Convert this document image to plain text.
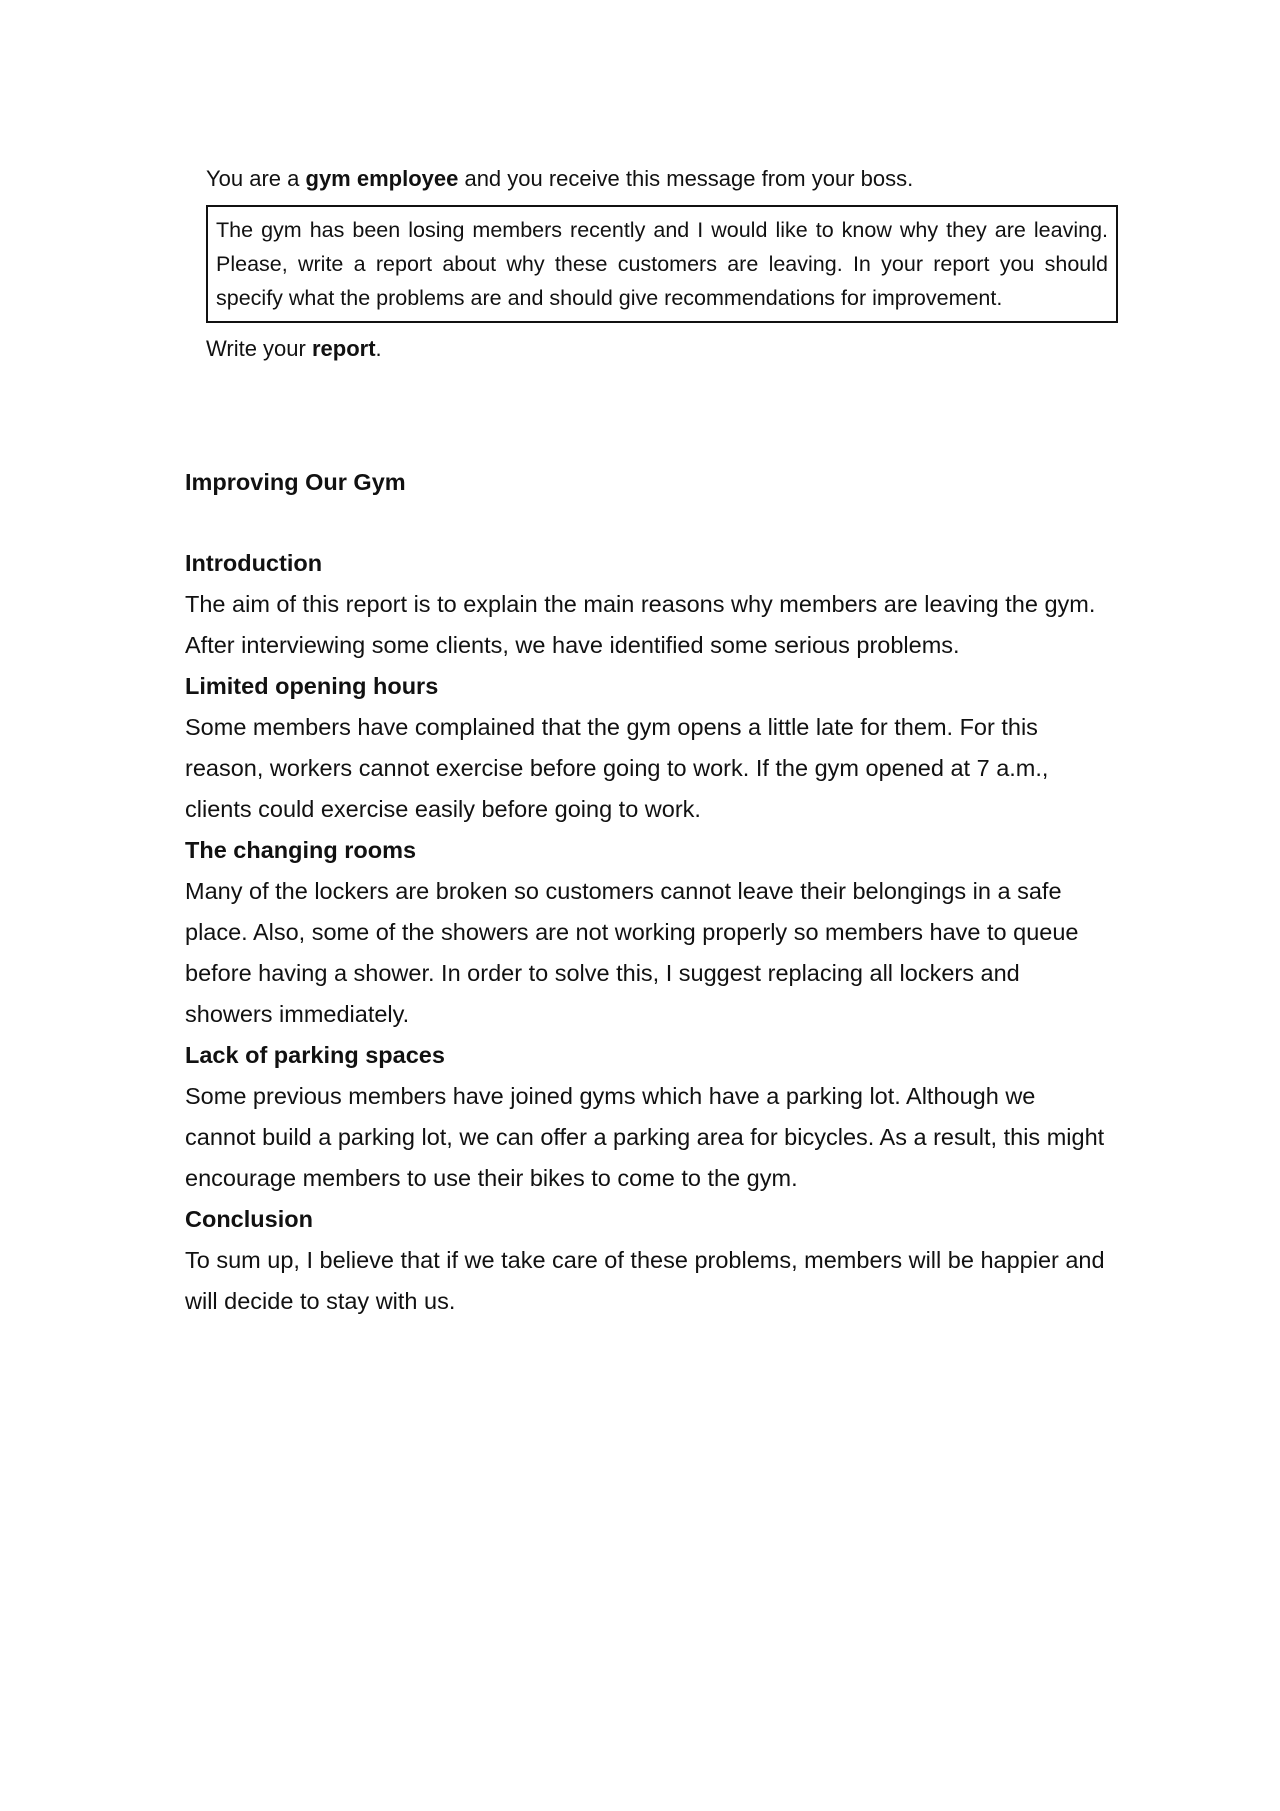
You are a gym employee and you receive this message from your boss.

The gym has been losing members recently and I would like to know why they are leaving. Please, write a report about why these customers are leaving. In your report you should specify what the problems are and should give recommendations for improvement.

Write your report.

Improving Our Gym
Introduction

The aim of this report is to explain the main reasons why members are leaving the gym. After interviewing some clients, we have identified some serious problems.

Limited opening hours

Some members have complained that the gym opens a little late for them. For this reason, workers cannot exercise before going to work. If the gym opened at 7 a.m., clients could exercise easily before going to work.

The changing rooms

Many of the lockers are broken so customers cannot leave their belongings in a safe place. Also, some of the showers are not working properly so members have to queue before having a shower. In order to solve this, I suggest replacing all lockers and showers immediately.

Lack of parking spaces

Some previous members have joined gyms which have a parking lot. Although we cannot build a parking lot, we can offer a parking area for bicycles. As a result, this might encourage members to use their bikes to come to the gym.

Conclusion

To sum up, I believe that if we take care of these problems, members will be happier and will decide to stay with us.
